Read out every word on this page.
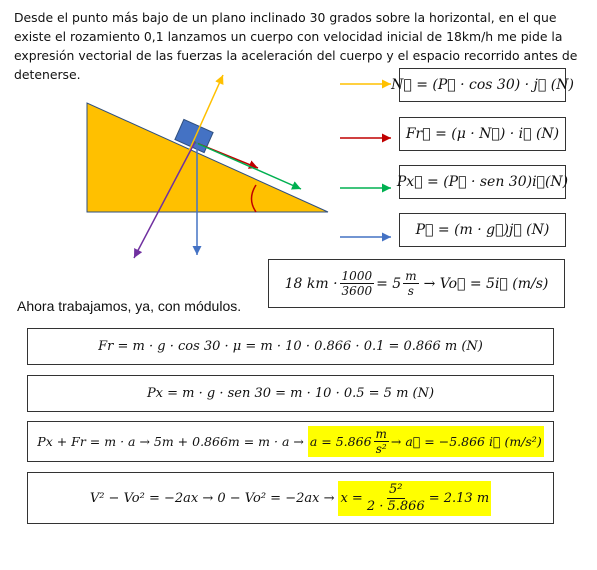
Desde el punto más bajo de un plano inclinado 30 grados sobre la horizontal, en el que existe el rozamiento 0,1 lanzamos un cuerpo con velocidad inicial de 18km/h me pide la expresión vectorial de las fuerzas la aceleración del cuerpo y el espacio recorrido antes de detenerse.
N⃗ = (P⃗ · cos 30) · j⃗ (N)
Fr⃗ = (μ · N⃗) · i⃗ (N)
Px⃗ = (P⃗ · sen 30)i⃗(N)
P⃗ = (m · g⃗)j⃗ (N)
18 km · $\frac{1000}{3600} = 5 \frac{m}{s}$ → Vo⃗ = 5i⃗ (m/s)
Ahora trabajamos, ya, con módulos.
Fr = m · g · cos 30 · μ = m · 10 · 0.866 · 0.1 = 0.866 m (N)
Px = m · g · sen 30 = m · 10 · 0.5 = 5 m (N)
$Px + Fr = m \cdot a \to 5m + 0.866m = m \cdot a \to a = 5.866 \frac{m}{\text{s²}}$ → a⃗ = −5.866 i⃗ (m/s²)
$V^2 - Vo^2 = -2ax \to 0 - Vo^2 = -2ax \to x = \frac{\text{5²}}{2 \cdot 5.866} = 2.13$ m
